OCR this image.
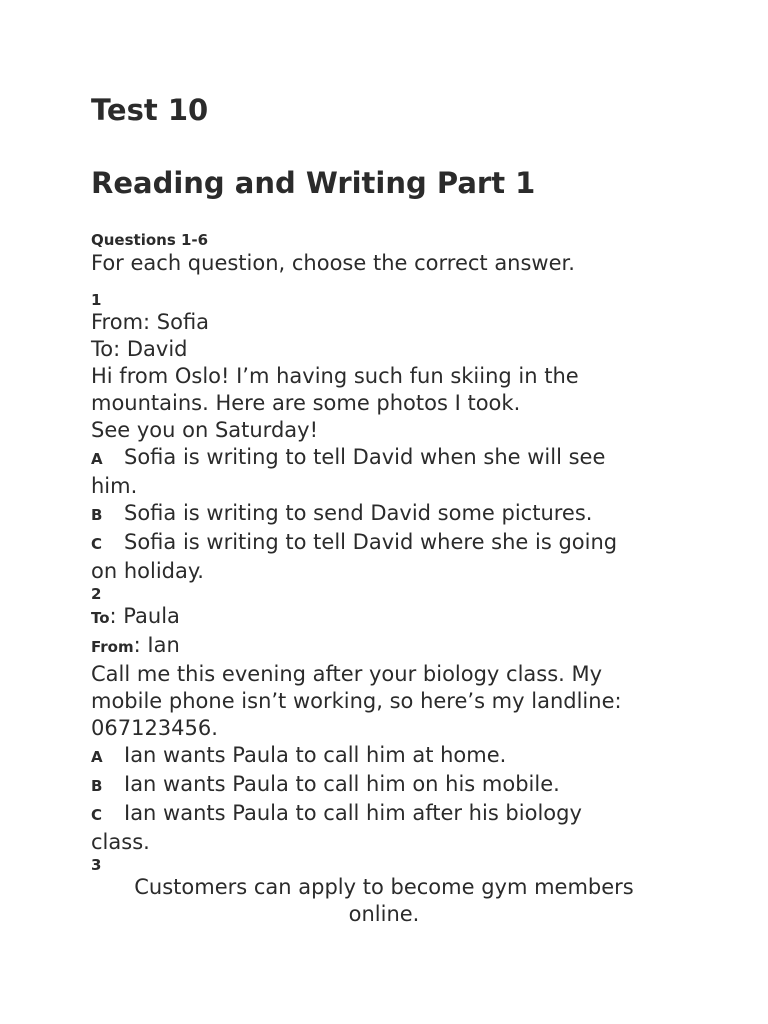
Test 10
Reading and Writing Part 1
Questions 1-6
For each question, choose the correct answer.
1
From: Sofia
To: David
Hi from Oslo! I’m having such fun skiing in the
mountains. Here are some photos I took.
See you on Saturday!
A Sofia is writing to tell David when she will see
him.
B Sofia is writing to send David some pictures.
C Sofia is writing to tell David where she is going
on holiday.
2
To: Paula
From: Ian
Call me this evening after your biology class. My
mobile phone isn’t working, so here’s my landline:
067123456.
A Ian wants Paula to call him at home.
B Ian wants Paula to call him on his mobile.
C Ian wants Paula to call him after his biology
class.
3
Customers can apply to become gym members
online.
